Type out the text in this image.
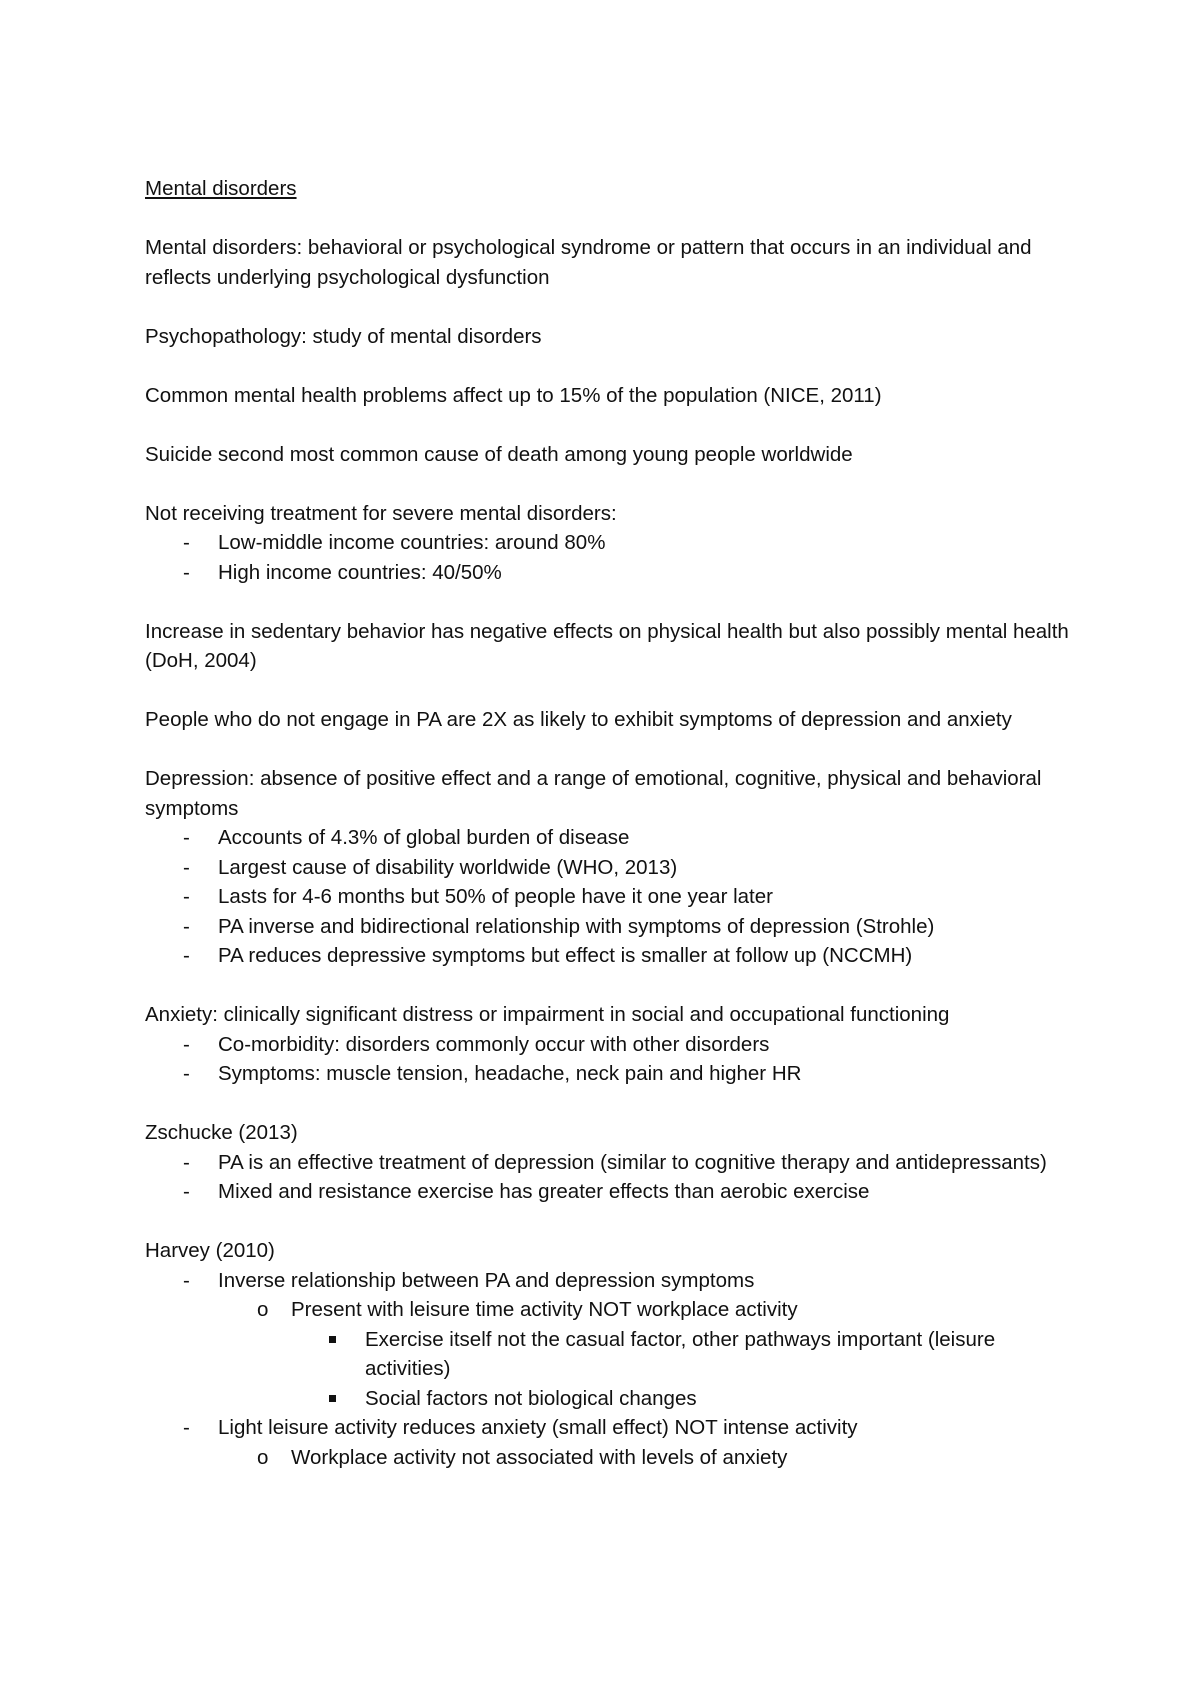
Mental disorders
Mental disorders: behavioral or psychological syndrome or pattern that occurs in an individual and reflects underlying psychological dysfunction
Psychopathology: study of mental disorders
Common mental health problems affect up to 15% of the population (NICE, 2011)
Suicide second most common cause of death among young people worldwide
Not receiving treatment for severe mental disorders:
- Low-middle income countries: around 80%
- High income countries: 40/50%
Increase in sedentary behavior has negative effects on physical health but also possibly mental health (DoH, 2004)
People who do not engage in PA are 2X as likely to exhibit symptoms of depression and anxiety
Depression: absence of positive effect and a range of emotional, cognitive, physical and behavioral symptoms
- Accounts of 4.3% of global burden of disease
- Largest cause of disability worldwide (WHO, 2013)
- Lasts for 4-6 months but 50% of people have it one year later
- PA inverse and bidirectional relationship with symptoms of depression (Strohle)
- PA reduces depressive symptoms but effect is smaller at follow up (NCCMH)
Anxiety: clinically significant distress or impairment in social and occupational functioning
- Co-morbidity: disorders commonly occur with other disorders
- Symptoms: muscle tension, headache, neck pain and higher HR
Zschucke (2013)
- PA is an effective treatment of depression (similar to cognitive therapy and antidepressants)
- Mixed and resistance exercise has greater effects than aerobic exercise
Harvey (2010)
- Inverse relationship between PA and depression symptoms
o Present with leisure time activity NOT workplace activity
Exercise itself not the casual factor, other pathways important (leisure activities)
Social factors not biological changes
- Light leisure activity reduces anxiety (small effect) NOT intense activity
o Workplace activity not associated with levels of anxiety
